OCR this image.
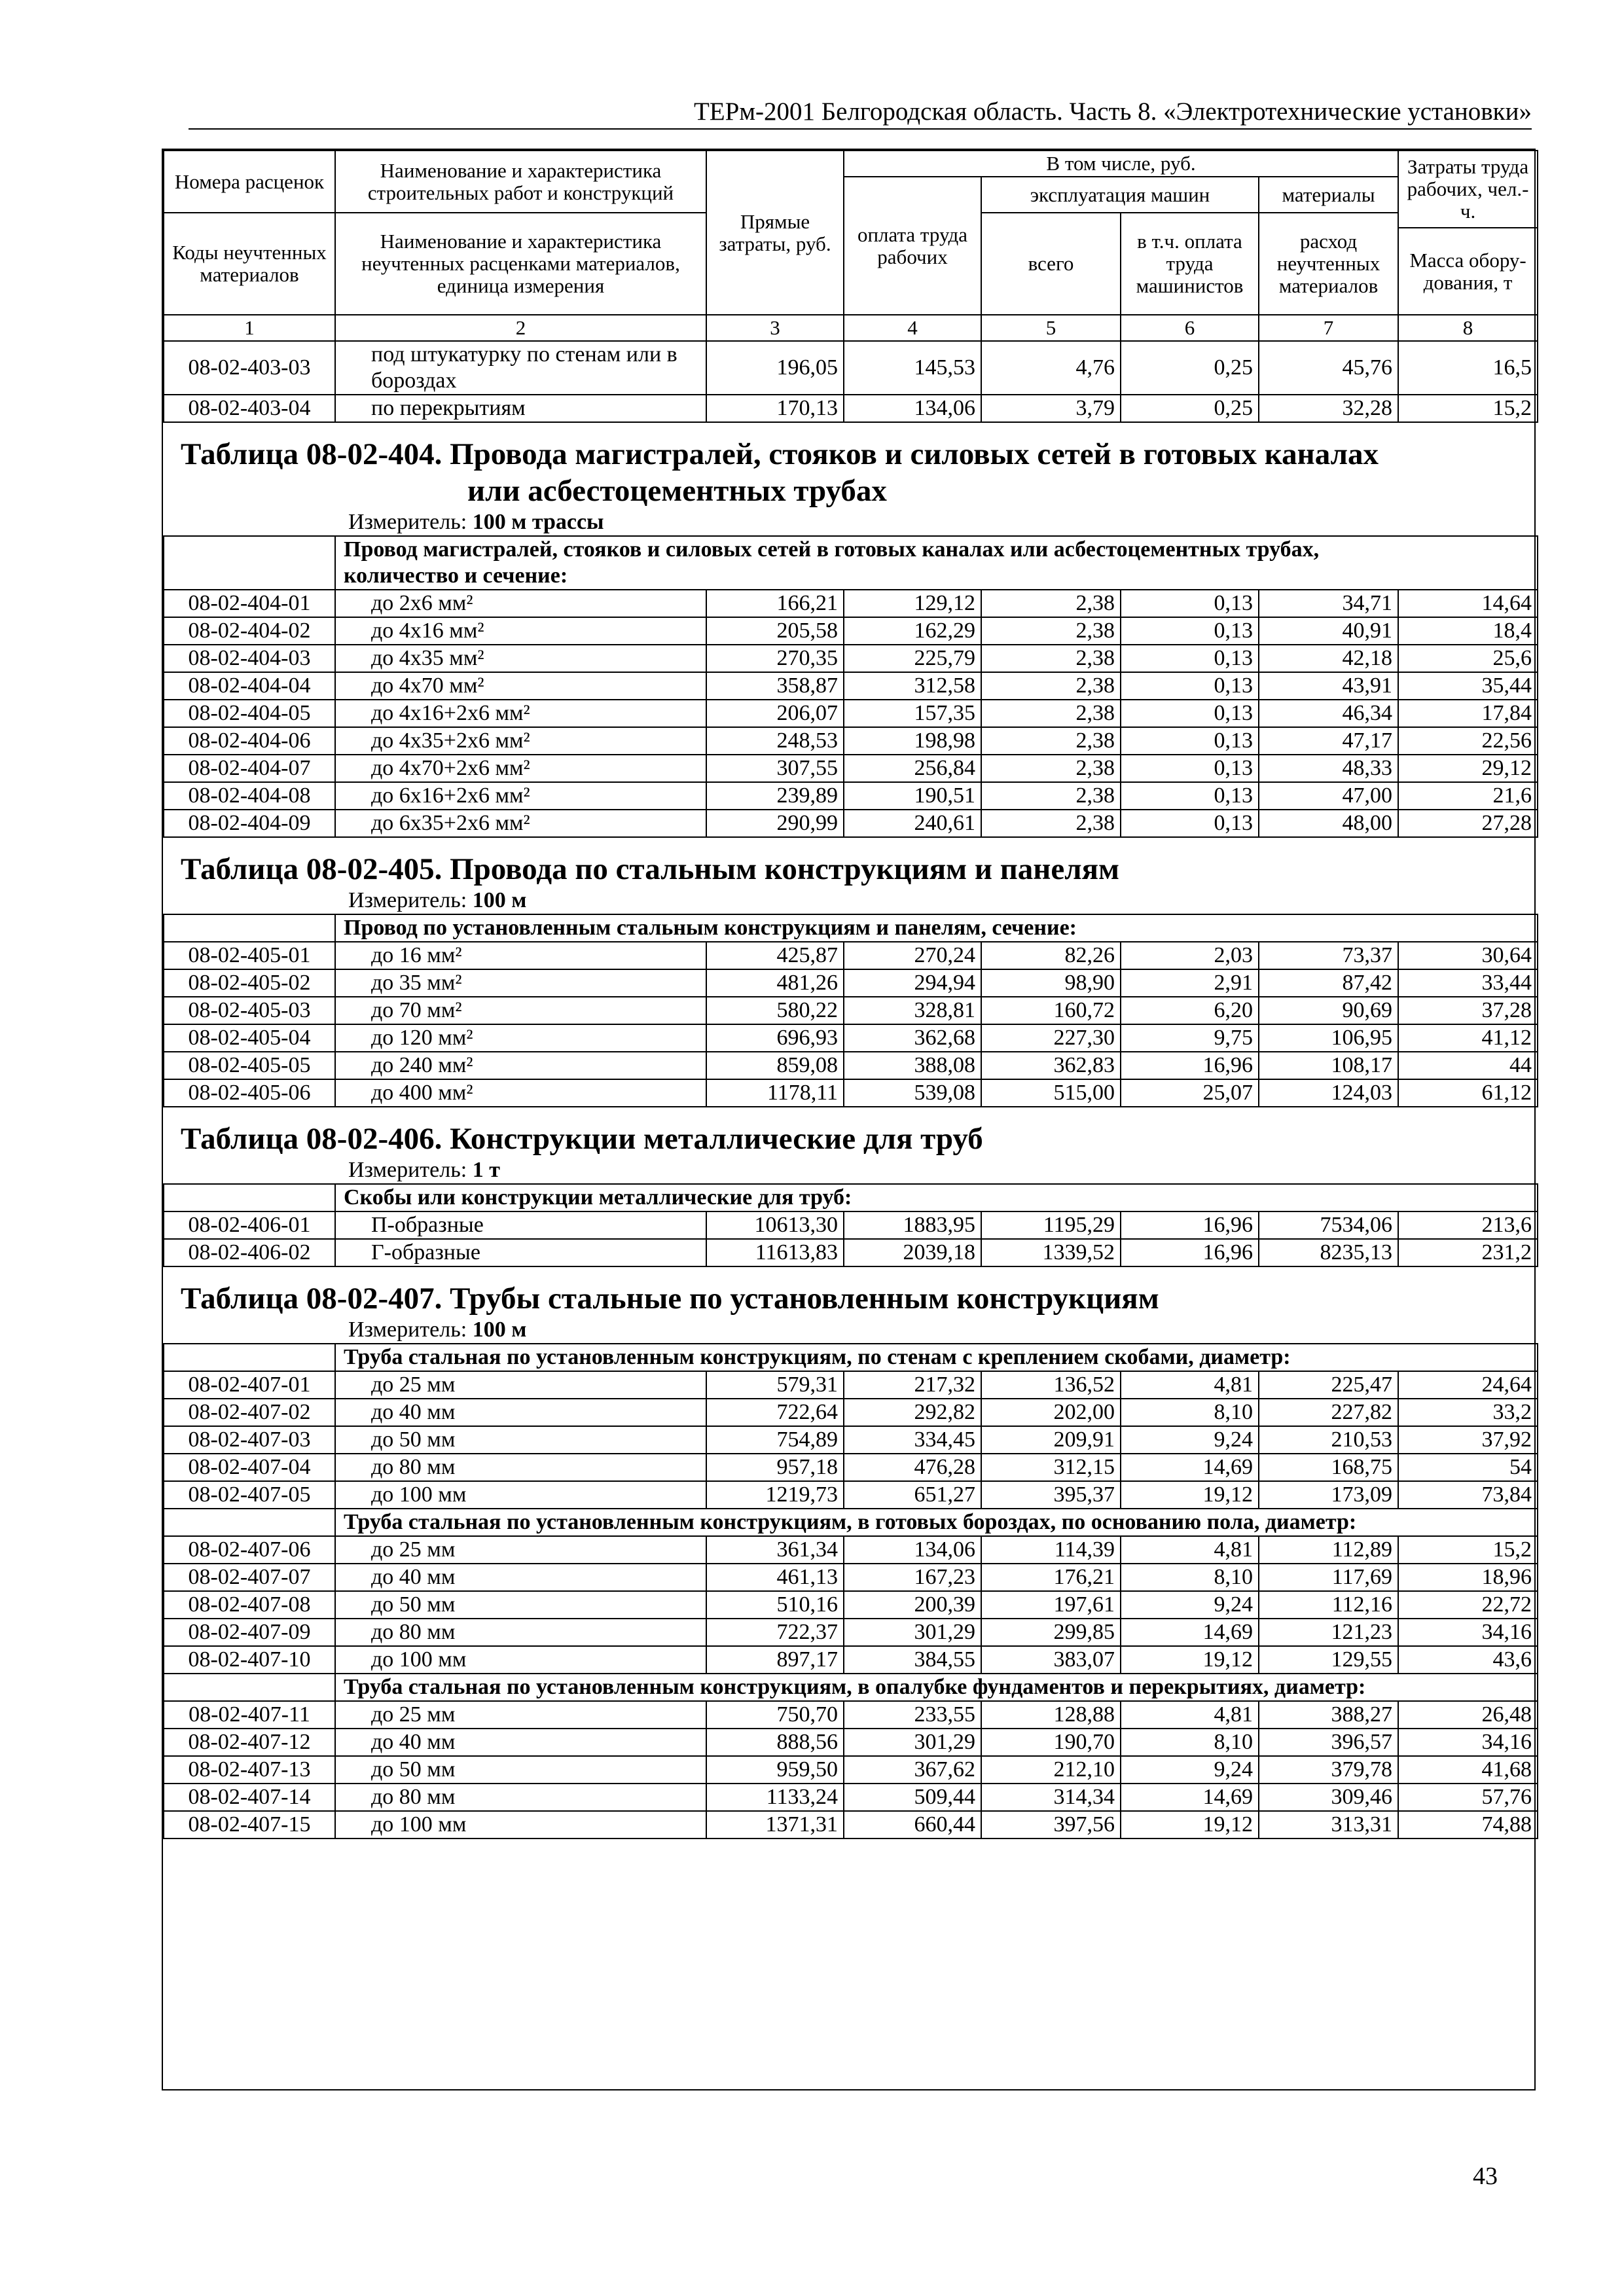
ТЕРм-2001 Белгородская область. Часть 8. «Электротехнические установки»
Номера расценок	Наименование и характеристика строительных работ и конструкций	Прямые затраты, руб.	В том числе, руб.				Затраты труда рабочих, чел.-ч.
			оплата труда рабочих	эксплуатация машин		материалы	
Коды неучтенных материалов	Наименование и характеристика неучтенных расценками материалов, единица измерения			всего	в т.ч. оплата труда машинистов	расход неучтенных материалов	
							Масса обору-дования, т
1	2	3	4	5	6	7	8
08-02-403-03	под штукатурку по стенам или в бороздах	196,05	145,53	4,76	0,25	45,76	16,5
08-02-403-04	по перекрытиям	170,13	134,06	3,79	0,25	32,28	15,2

Таблица 08-02-404. Провода магистралей, стояков и силовых сетей в готовых каналах							
или асбестоцементных трубах							
Измеритель: 100 м трассы							

	Провод магистралей, стояков и силовых сетей в готовых каналах или асбестоцементных трубах,
количество и сечение:						

08-02-404-01	до 2х6 мм²	166,21	129,12	2,38	0,13	34,71	14,64
08-02-404-02	до 4х16 мм²	205,58	162,29	2,38	0,13	40,91	18,4
08-02-404-03	до 4х35 мм²	270,35	225,79	2,38	0,13	42,18	25,6
08-02-404-04	до 4х70 мм²	358,87	312,58	2,38	0,13	43,91	35,44
08-02-404-05	до 4х16+2х6 мм²	206,07	157,35	2,38	0,13	46,34	17,84
08-02-404-06	до 4х35+2х6 мм²	248,53	198,98	2,38	0,13	47,17	22,56
08-02-404-07	до 4х70+2х6 мм²	307,55	256,84	2,38	0,13	48,33	29,12
08-02-404-08	до 6х16+2х6 мм²	239,89	190,51	2,38	0,13	47,00	21,6
08-02-404-09	до 6х35+2х6 мм²	290,99	240,61	2,38	0,13	48,00	27,28

Таблица 08-02-405. Провода по стальным конструкциям и панелям							
Измеритель: 100 м							

	Провод по установленным стальным конструкциям и панелям, сечение:						

08-02-405-01	до 16 мм²	425,87	270,24	82,26	2,03	73,37	30,64
08-02-405-02	до 35 мм²	481,26	294,94	98,90	2,91	87,42	33,44
08-02-405-03	до 70 мм²	580,22	328,81	160,72	6,20	90,69	37,28
08-02-405-04	до 120 мм²	696,93	362,68	227,30	9,75	106,95	41,12
08-02-405-05	до 240 мм²	859,08	388,08	362,83	16,96	108,17	44
08-02-405-06	до 400 мм²	1178,11	539,08	515,00	25,07	124,03	61,12

Таблица 08-02-406. Конструкции металлические для труб							
Измеритель: 1 т							

	Скобы или конструкции металлические для труб:						

08-02-406-01	П-образные	10613,30	1883,95	1195,29	16,96	7534,06	213,6
08-02-406-02	Г-образные	11613,83	2039,18	1339,52	16,96	8235,13	231,2

Таблица 08-02-407. Трубы стальные по установленным конструкциям							
Измеритель: 100 м							

	Труба стальная по установленным конструкциям, по стенам с креплением скобами, диаметр:						

08-02-407-01	до 25 мм	579,31	217,32	136,52	4,81	225,47	24,64
08-02-407-02	до 40 мм	722,64	292,82	202,00	8,10	227,82	33,2
08-02-407-03	до 50 мм	754,89	334,45	209,91	9,24	210,53	37,92
08-02-407-04	до 80 мм	957,18	476,28	312,15	14,69	168,75	54
08-02-407-05	до 100 мм	1219,73	651,27	395,37	19,12	173,09	73,84

	Труба стальная по установленным конструкциям, в готовых бороздах, по основанию пола, диаметр:						

08-02-407-06	до 25 мм	361,34	134,06	114,39	4,81	112,89	15,2
08-02-407-07	до 40 мм	461,13	167,23	176,21	8,10	117,69	18,96
08-02-407-08	до 50 мм	510,16	200,39	197,61	9,24	112,16	22,72
08-02-407-09	до 80 мм	722,37	301,29	299,85	14,69	121,23	34,16
08-02-407-10	до 100 мм	897,17	384,55	383,07	19,12	129,55	43,6

	Труба стальная по установленным конструкциям, в опалубке фундаментов и перекрытиях, диаметр:						

08-02-407-11	до 25 мм	750,70	233,55	128,88	4,81	388,27	26,48
08-02-407-12	до 40 мм	888,56	301,29	190,70	8,10	396,57	34,16
08-02-407-13	до 50 мм	959,50	367,62	212,10	9,24	379,78	41,68
08-02-407-14	до 80 мм	1133,24	509,44	314,34	14,69	309,46	57,76
08-02-407-15	до 100 мм	1371,31	660,44	397,56	19,12	313,31	74,88
43
